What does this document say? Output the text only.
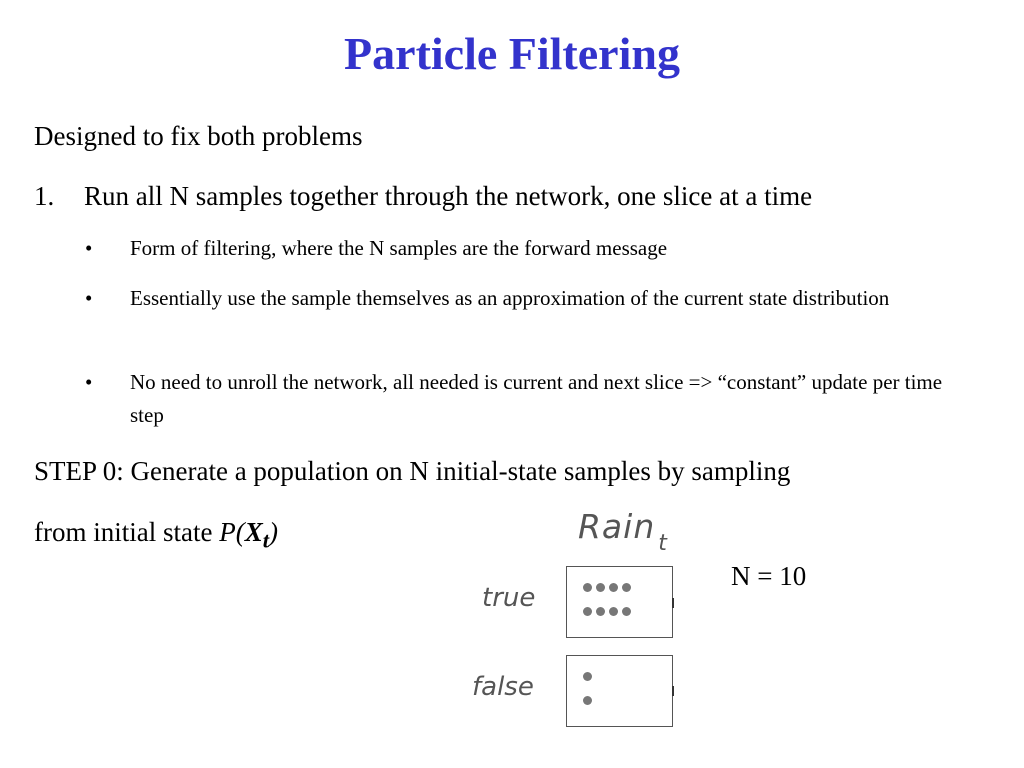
Particle Filtering
Designed to fix both problems
1. Run all N samples together through the network, one slice at a time
• Form of filtering, where the N samples are the forward message
• Essentially use the sample themselves as an approximation of the current state distribution
• No need to unroll the network, all needed is current and next slice => “constant” update per time step
STEP 0: Generate a population on N initial-state samples by sampling
from initial state $P(X_t)$	Rain $_t$
N = 10
true
false
